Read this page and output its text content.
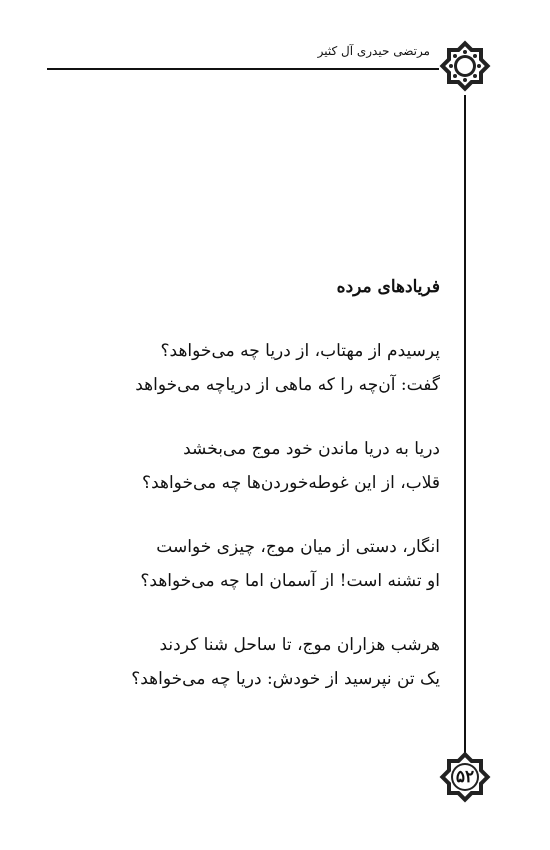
مرتضی حیدری آل کثیر
۵۲
فریادهای مرده
پرسیدم از مهتاب، از دریا چه می‌خواهد؟
گفت: آن‌چه را که ماهی از دریاچه می‌خواهد
دریا به دریا ماندن خود موج می‌بخشد
قلاب، از این غوطه‌خوردن‌ها چه می‌خواهد؟
انگار، دستی از میان موج، چیزی خواست
او تشنه است! از آسمان اما چه می‌خواهد؟
هرشب هزاران موج، تا ساحل شنا کردند
یک تن نپرسید از خودش: دریا چه می‌خواهد؟
